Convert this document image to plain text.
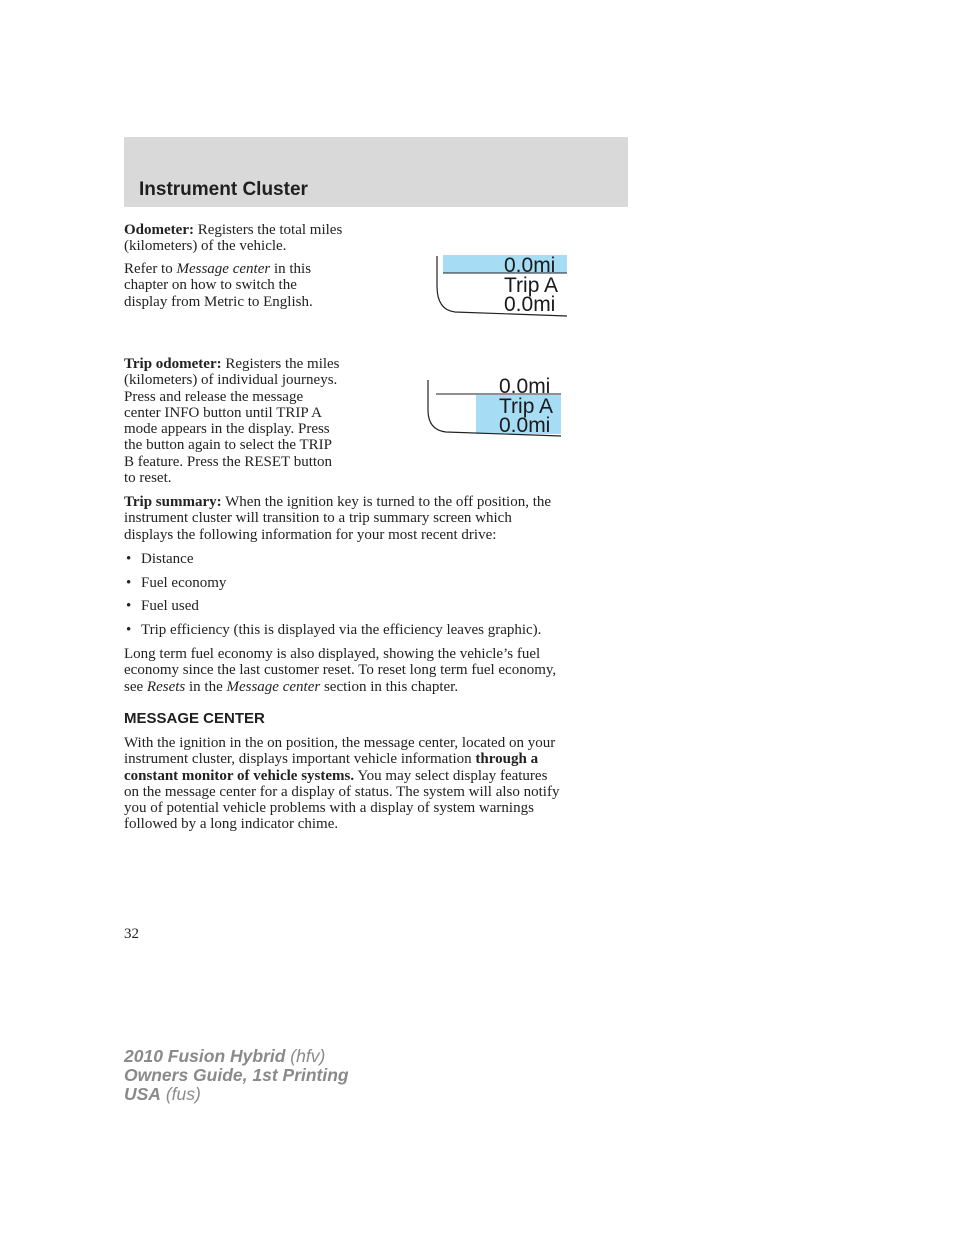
Instrument Cluster

Odometer: Registers the total miles

(kilometers) of the vehicle.

Refer to Message center in this

chapter on how to switch the

display from Metric to English.

0.0mi
Trip A
0.0mi

Trip odometer: Registers the miles

(kilometers) of individual journeys.

Press and release the message

center INFO button until TRIP A

mode appears in the display. Press

the button again to select the TRIP

B feature. Press the RESET button

to reset.

0.0mi
Trip A
0.0mi

Trip summary: When the ignition key is turned to the off position, the

instrument cluster will transition to a trip summary screen which

displays the following information for your most recent drive:

• Distance
• Fuel economy
• Fuel used
• Trip efficiency (this is displayed via the efficiency leaves graphic).

Long term fuel economy is also displayed, showing the vehicle’s fuel

economy since the last customer reset. To reset long term fuel economy,

see Resets in the Message center section in this chapter.

MESSAGE CENTER

With the ignition in the on position, the message center, located on your

instrument cluster, displays important vehicle information through a

constant monitor of vehicle systems. You may select display features

on the message center for a display of status. The system will also notify

you of potential vehicle problems with a display of system warnings

followed by a long indicator chime.

32
2010 Fusion Hybrid (hfv)
Owners Guide, 1st Printing
USA (fus)
